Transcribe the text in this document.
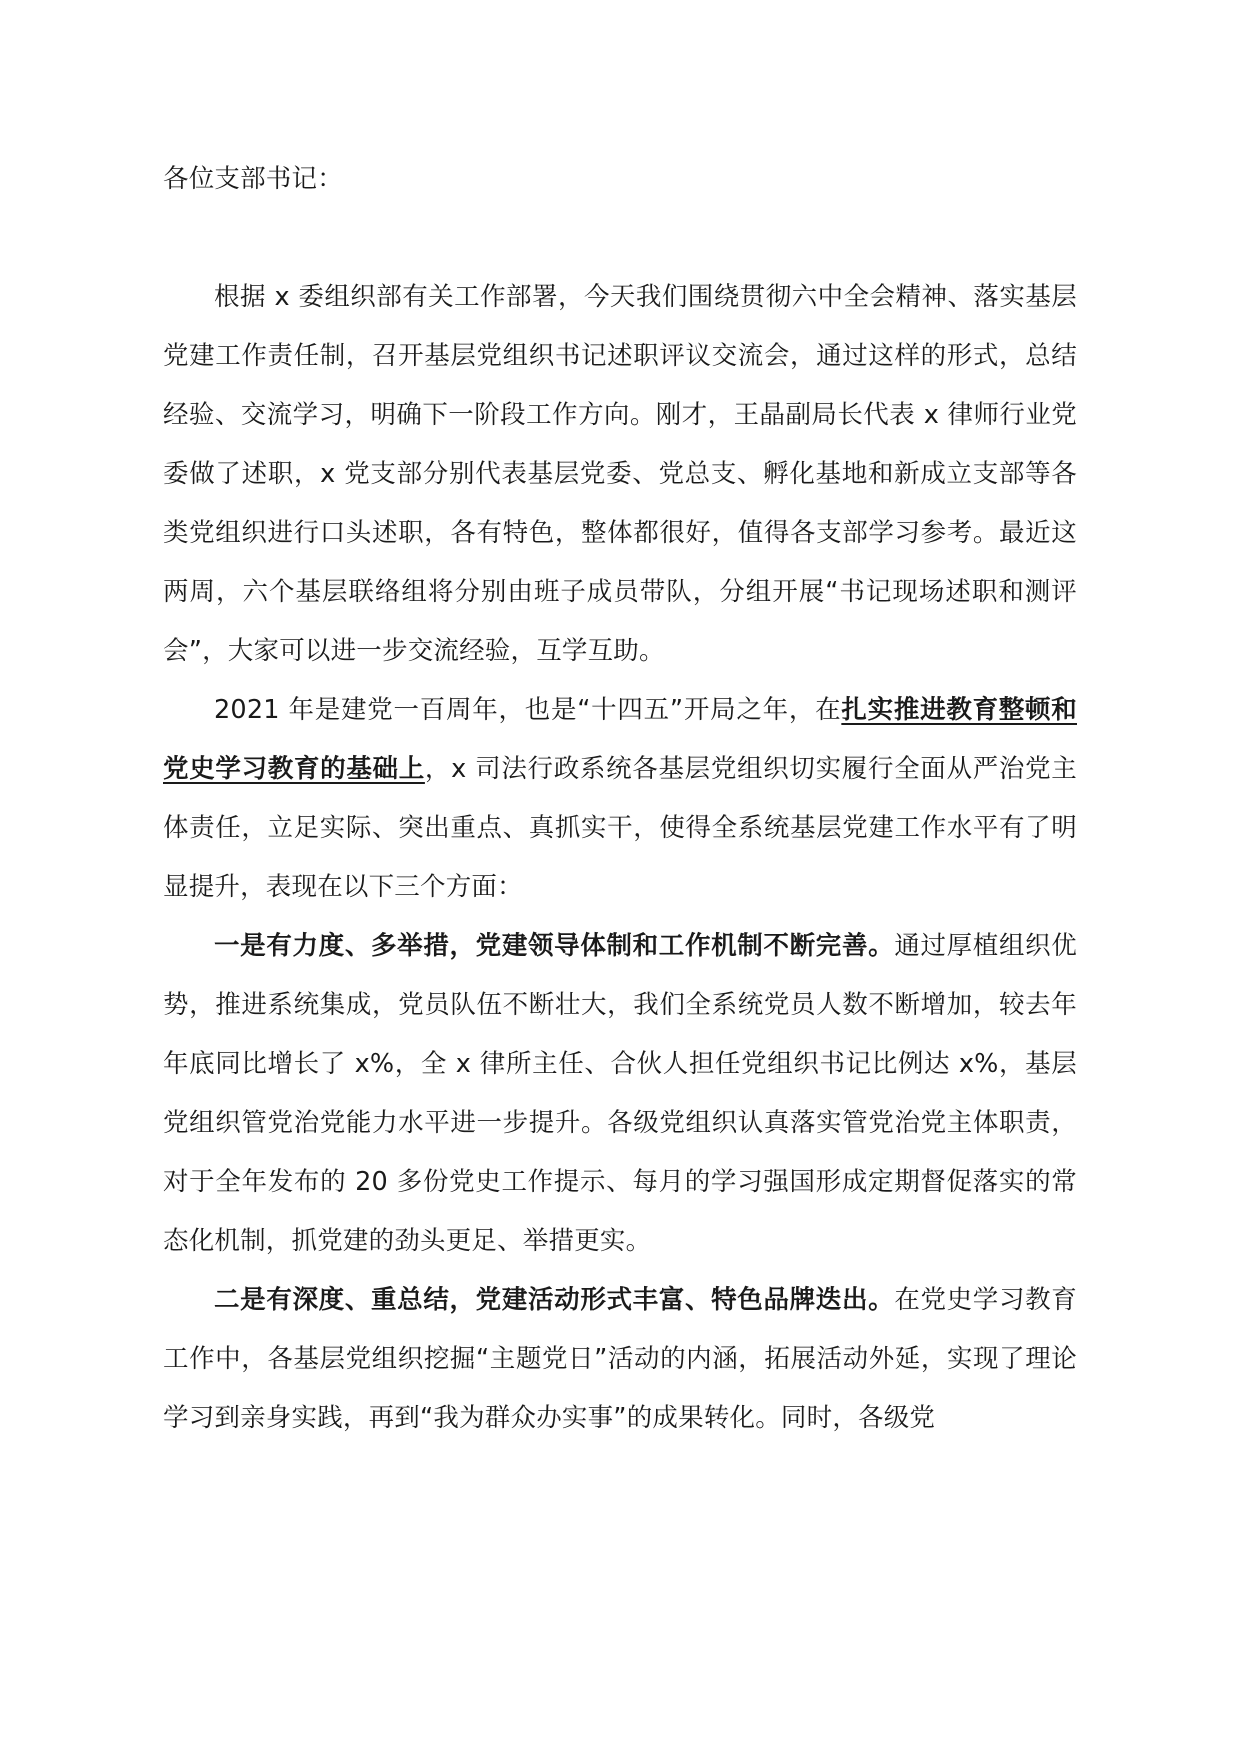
各位支部书记：

根据 x 委组织部有关工作部署，今天我们围绕贯彻六中全会精神、落实基层党建工作责任制，召开基层党组织书记述职评议交流会，通过这样的形式，总结经验、交流学习，明确下一阶段工作方向。刚才，王晶副局长代表 x 律师行业党委做了述职，x 党支部分别代表基层党委、党总支、孵化基地和新成立支部等各类党组织进行口头述职，各有特色，整体都很好，值得各支部学习参考。最近这两周，六个基层联络组将分别由班子成员带队，分组开展“书记现场述职和测评会”，大家可以进一步交流经验，互学互助。

2021 年是建党一百周年，也是“十四五”开局之年，在扎实推进教育整顿和党史学习教育的基础上，x 司法行政系统各基层党组织切实履行全面从严治党主体责任，立足实际、突出重点、真抓实干，使得全系统基层党建工作水平有了明显提升，表现在以下三个方面：

一是有力度、多举措，党建领导体制和工作机制不断完善。通过厚植组织优势，推进系统集成，党员队伍不断壮大，我们全系统党员人数不断增加，较去年年底同比增长了 x%，全 x 律所主任、合伙人担任党组织书记比例达 x%，基层党组织管党治党能力水平进一步提升。各级党组织认真落实管党治党主体职责，对于全年发布的 20 多份党史工作提示、每月的学习强国形成定期督促落实的常态化机制，抓党建的劲头更足、举措更实。

二是有深度、重总结，党建活动形式丰富、特色品牌迭出。在党史学习教育工作中，各基层党组织挖掘“主题党日”活动的内涵，拓展活动外延，实现了理论学习到亲身实践，再到“我为群众办实事”的成果转化。同时，各级党
